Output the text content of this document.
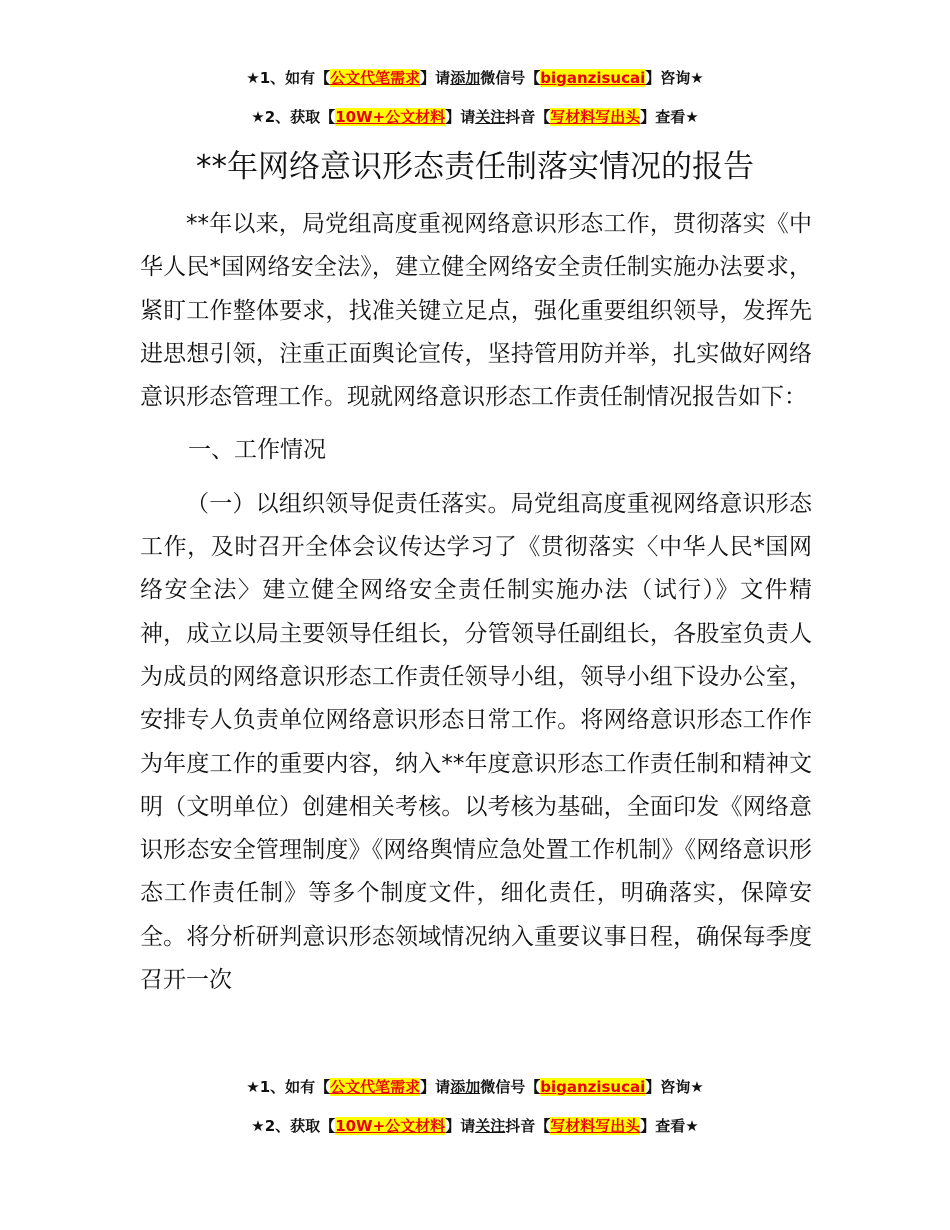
★1、如有【公文代笔需求】请添加微信号【biganzisucai】咨询★
★2、获取【10W+公文材料】请关注抖音【写材料写出头】查看★
**年网络意识形态责任制落实情况的报告

**年以来，局党组高度重视网络意识形态工作，贯彻落实《中华人民*国网络安全法》，建立健全网络安全责任制实施办法要求，紧盯工作整体要求，找准关键立足点，强化重要组织领导，发挥先进思想引领，注重正面舆论宣传，坚持管用防并举，扎实做好网络意识形态管理工作。现就网络意识形态工作责任制情况报告如下：

一、工作情况

（一）以组织领导促责任落实。局党组高度重视网络意识形态工作，及时召开全体会议传达学习了《贯彻落实〈中华人民*国网络安全法〉建立健全网络安全责任制实施办法（试行）》文件精神，成立以局主要领导任组长，分管领导任副组长，各股室负责人为成员的网络意识形态工作责任领导小组，领导小组下设办公室，安排专人负责单位网络意识形态日常工作。将网络意识形态工作作为年度工作的重要内容，纳入**年度意识形态工作责任制和精神文明（文明单位）创建相关考核。以考核为基础，全面印发《网络意识形态安全管理制度》《网络舆情应急处置工作机制》《网络意识形态工作责任制》等多个制度文件，细化责任，明确落实，保障安全。将分析研判意识形态领域情况纳入重要议事日程，确保每季度召开一次

★1、如有【公文代笔需求】请添加微信号【biganzisucai】咨询★
★2、获取【10W+公文材料】请关注抖音【写材料写出头】查看★
